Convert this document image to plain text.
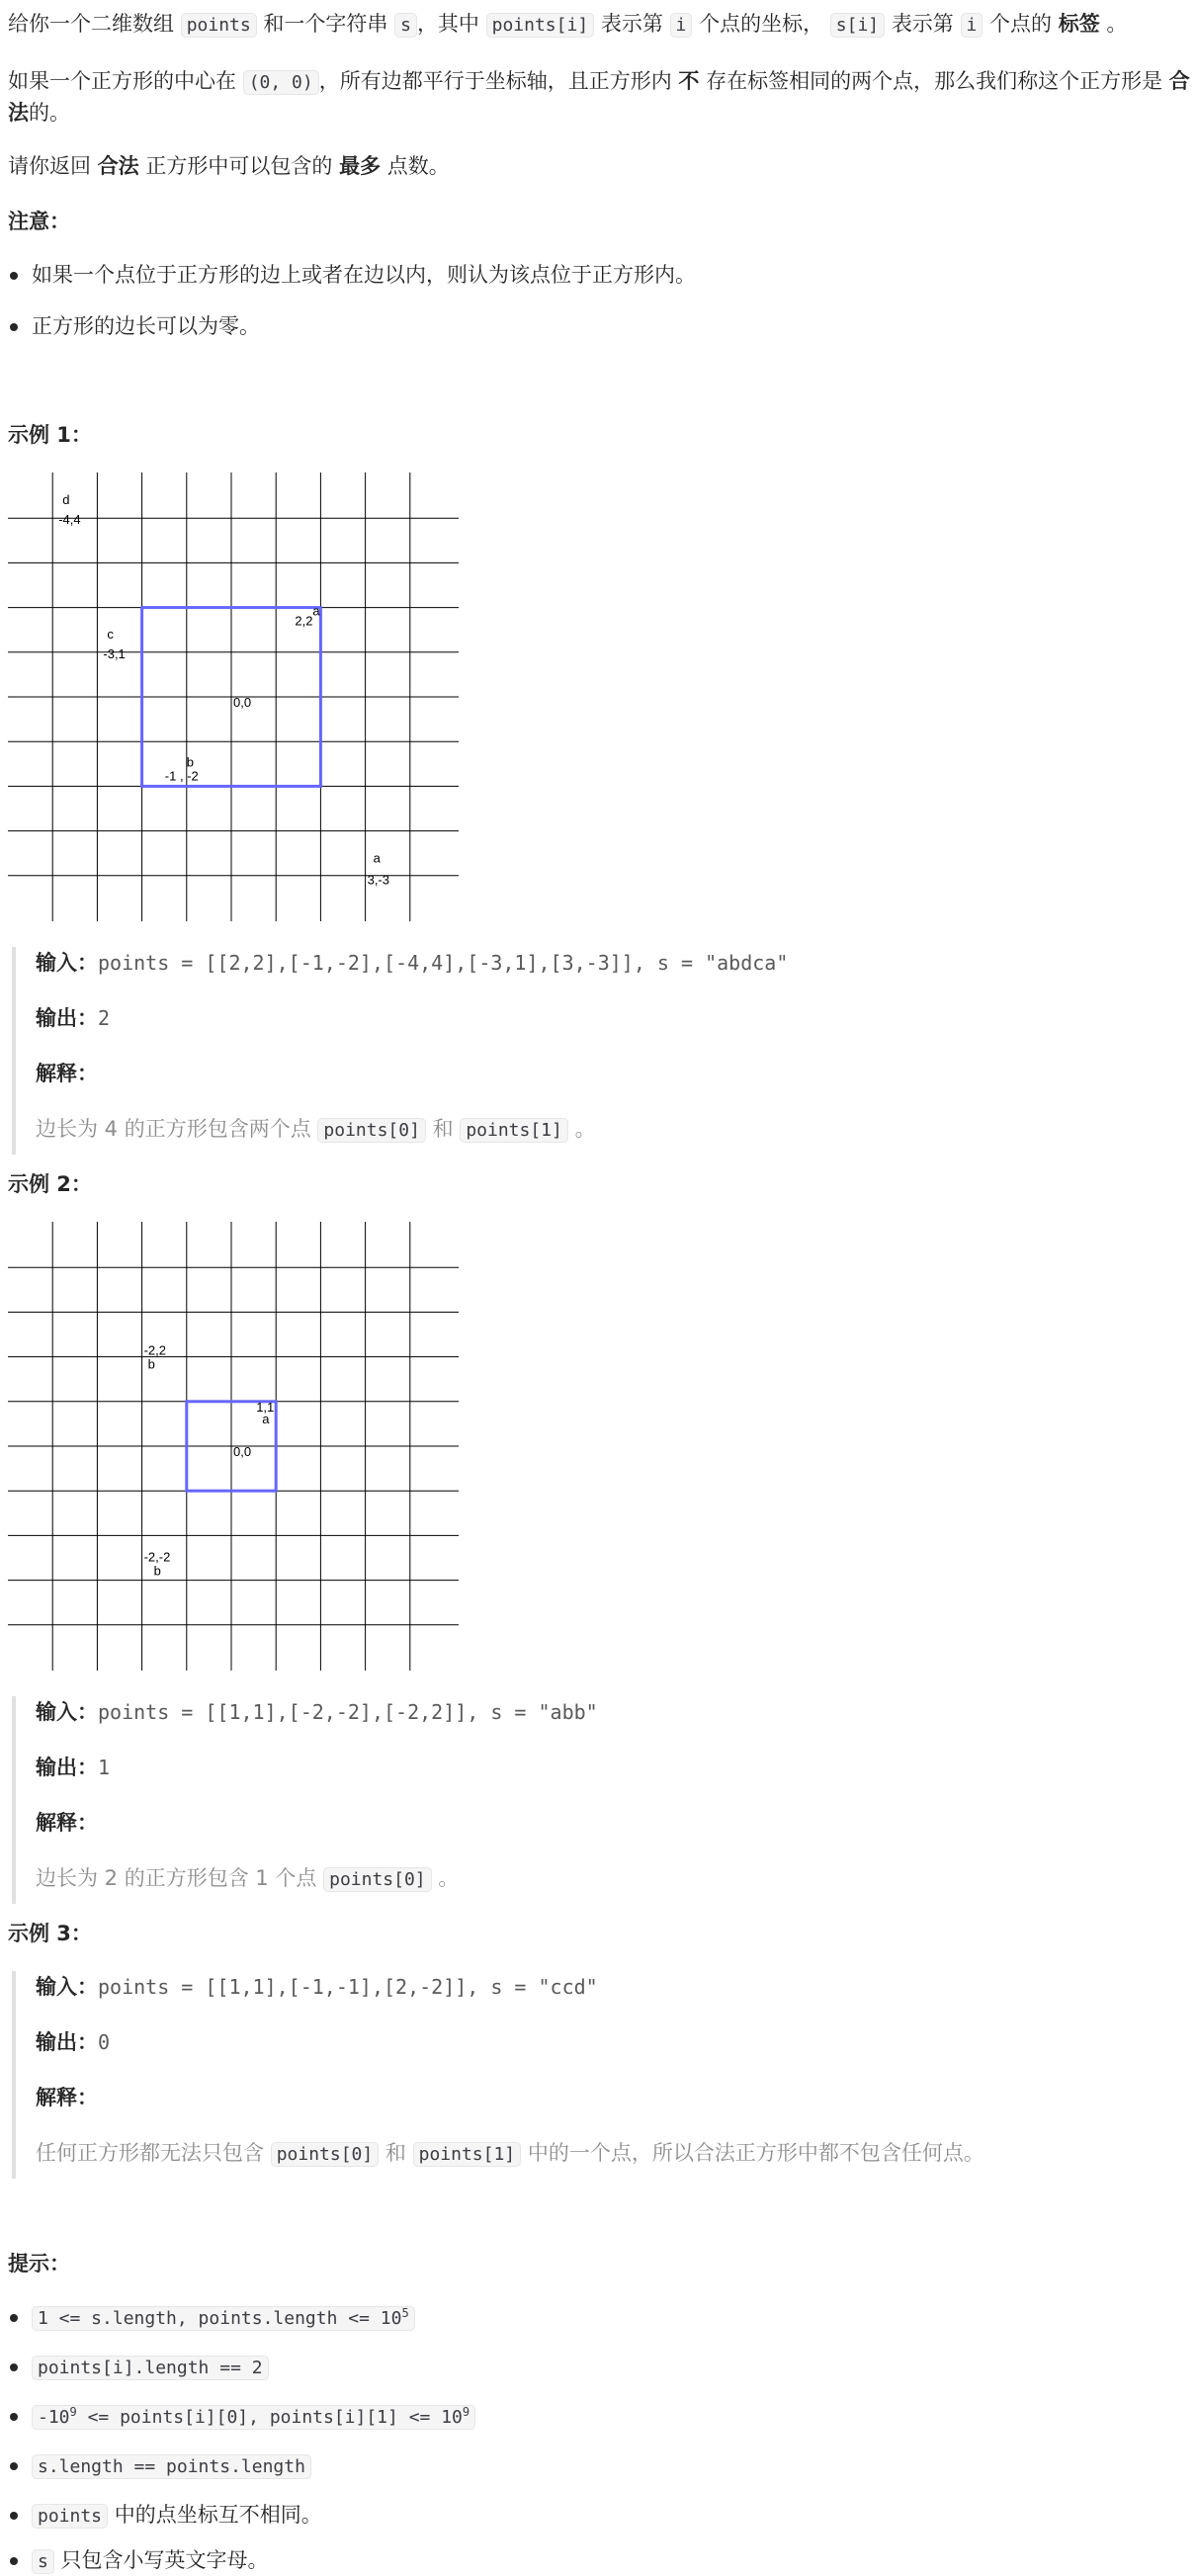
给你一个二维数组 points 和一个字符串 s ，其中 points[i] 表示第 i 个点的坐标， s[i] 表示第 i 个点的 标签 。

如果一个正方形的中心在 (0, 0) ，所有边都平行于坐标轴，且正方形内 不 存在标签相同的两个点，那么我们称这个正方形是 合

法的。

请你返回 合法 正方形中可以包含的 最多 点数。

注意：

如果一个点位于正方形的边上或者在边以内，则认为该点位于正方形内。

正方形的边长可以为零。

示例 1：

d
-4,4
c
-3,1
a
2,2
0,0
b
-1 , -2
a
3,-3
输入：points = [[2,2],[-1,-2],[-4,4],[-3,1],[3,-3]], s = "abdca"
输出：2
解释：
边长为 4 的正方形包含两个点 points[0] 和 points[1] 。

示例 2：

-2,2
b
1,1
a
0,0
-2,-2
b
输入：points = [[1,1],[-2,-2],[-2,2]], s = "abb"
输出：1
解释：
边长为 2 的正方形包含 1 个点 points[0] 。

示例 3：

输入：points = [[1,1],[-1,-1],[2,-2]], s = "ccd"
输出：0
解释：
任何正方形都无法只包含 points[0] 和 points[1] 中的一个点，所以合法正方形中都不包含任何点。

提示：

1 <= s.length, points.length <= $10^5$

points[i].length == 2

$-10^9$ <= points[i][0], points[i][1] <= $10^9$

s.length == points.length

points 中的点坐标互不相同。

s 只包含小写英文字母。
